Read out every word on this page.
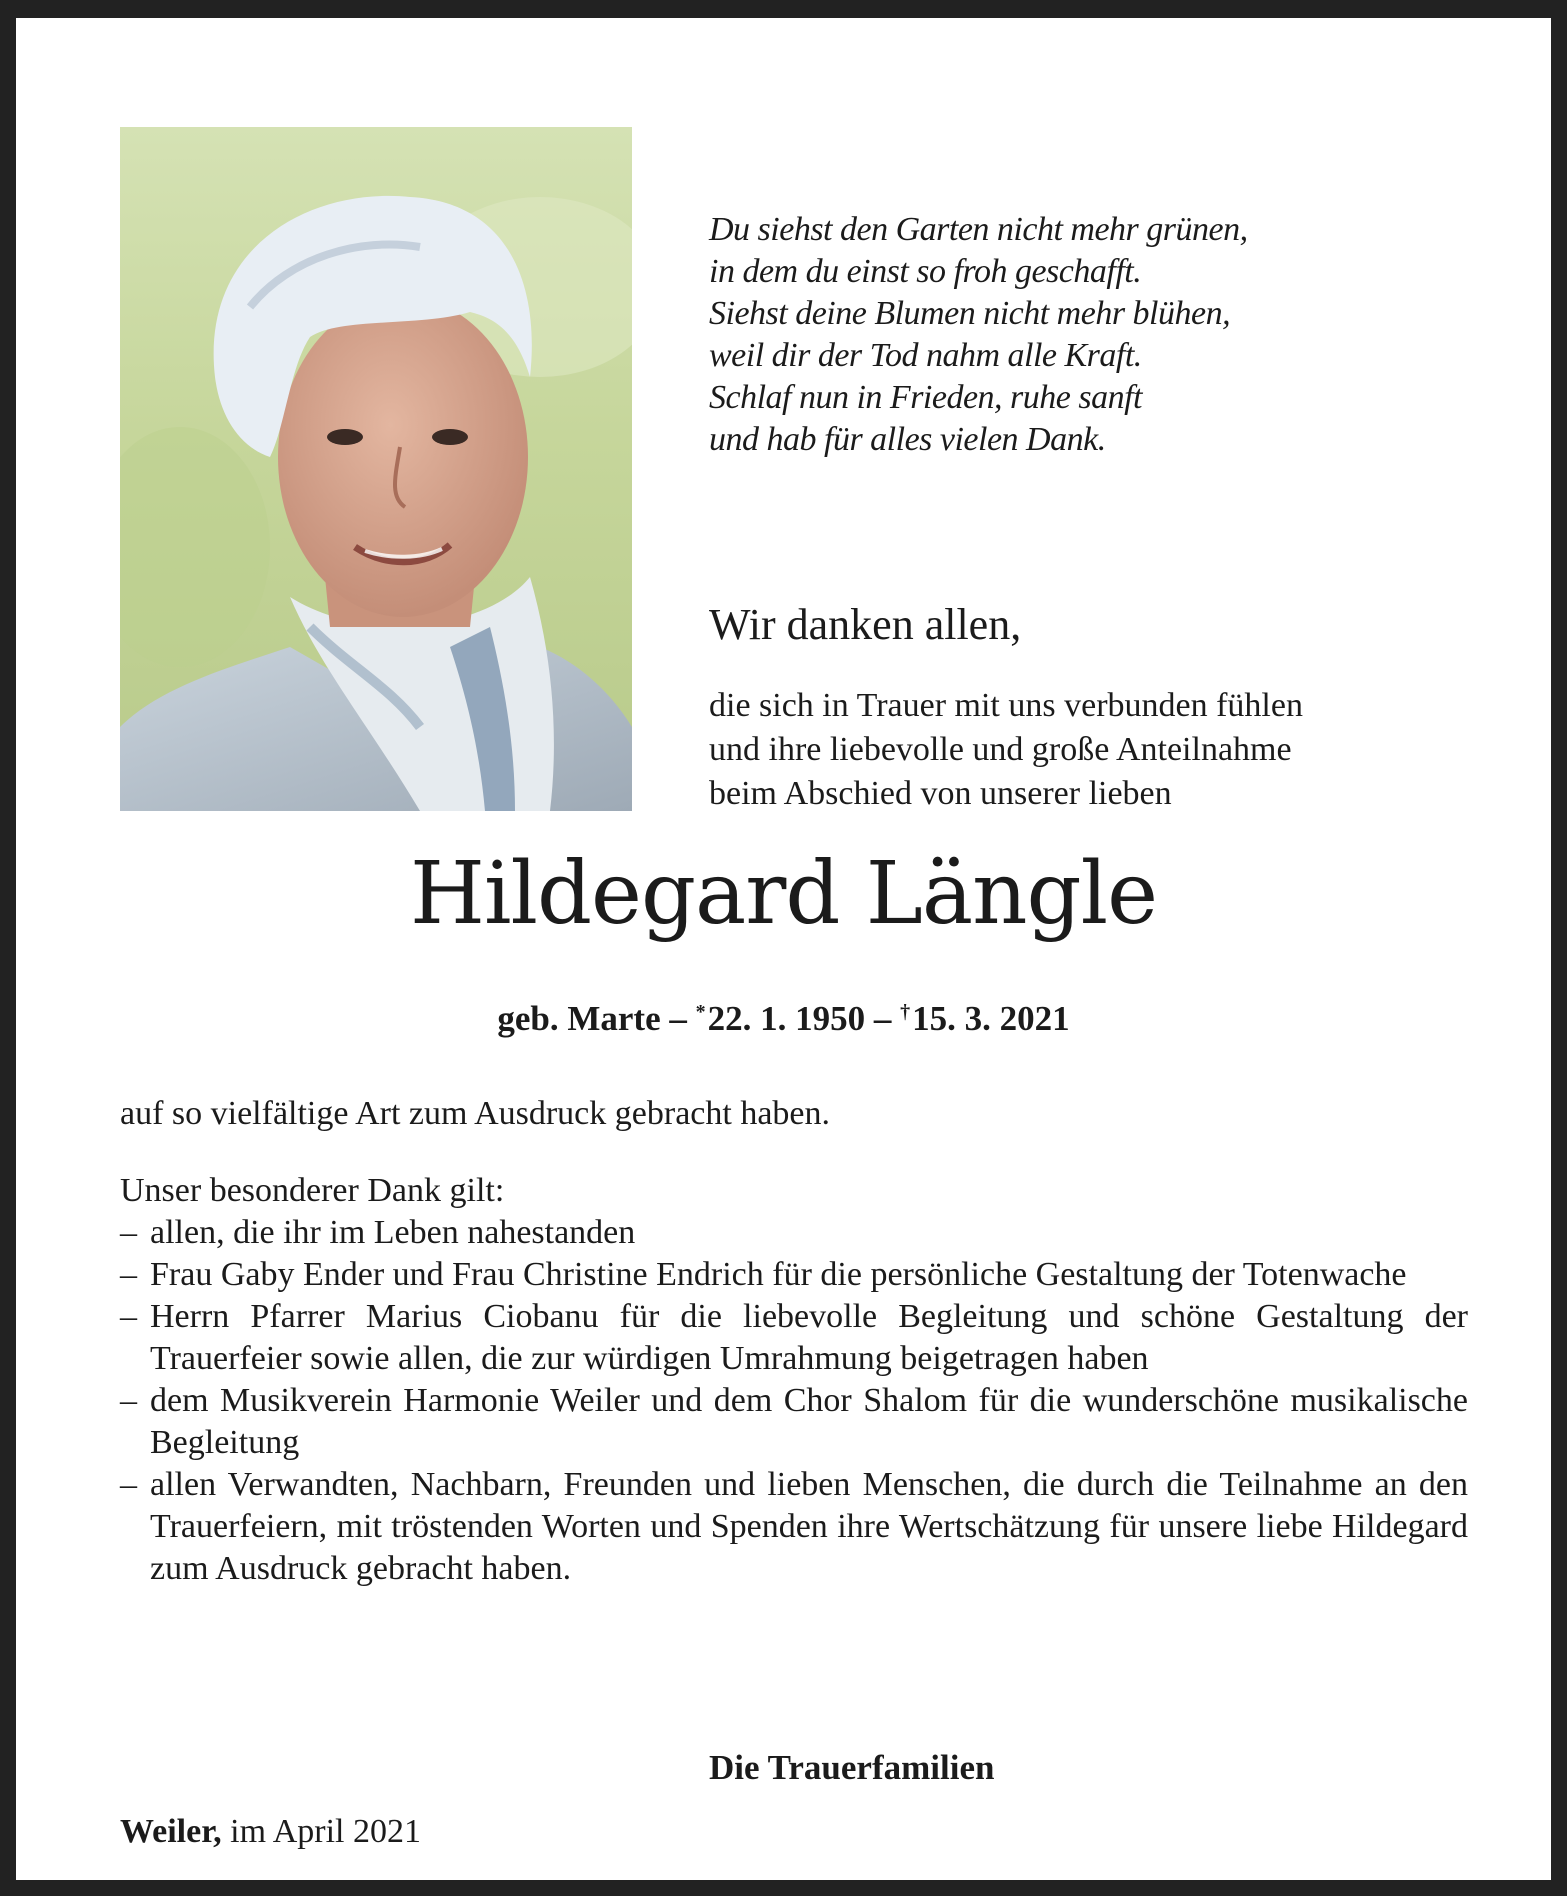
Du siehst den Garten nicht mehr grünen,
in dem du einst so froh geschafft.
Siehst deine Blumen nicht mehr blühen,
weil dir der Tod nahm alle Kraft.
Schlaf nun in Frieden, ruhe sanft
und hab für alles vielen Dank.
Wir danken allen,
die sich in Trauer mit uns verbunden fühlen
und ihre liebevolle und große Anteilnahme
beim Abschied von unserer lieben
Hildegard Längle
geb. Marte – *22. 1. 1950 – †15. 3. 2021
auf so vielfältige Art zum Ausdruck gebracht haben.
Unser besonderer Dank gilt:
– allen, die ihr im Leben nahestanden
– Frau Gaby Ender und Frau Christine Endrich für die persönliche Gestaltung der Totenwache
– Herrn Pfarrer Marius Ciobanu für die liebevolle Begleitung und schöne Gestaltung der Trauerfeier sowie allen, die zur würdigen Umrahmung beigetragen haben
– dem Musikverein Harmonie Weiler und dem Chor Shalom für die wunderschöne musikalische Begleitung
– allen Verwandten, Nachbarn, Freunden und lieben Menschen, die durch die Teilnahme an den Trauerfeiern, mit tröstenden Worten und Spenden ihre Wertschätzung für unsere liebe Hildegard zum Ausdruck gebracht haben.
Die Trauerfamilien
Weiler, im April 2021
